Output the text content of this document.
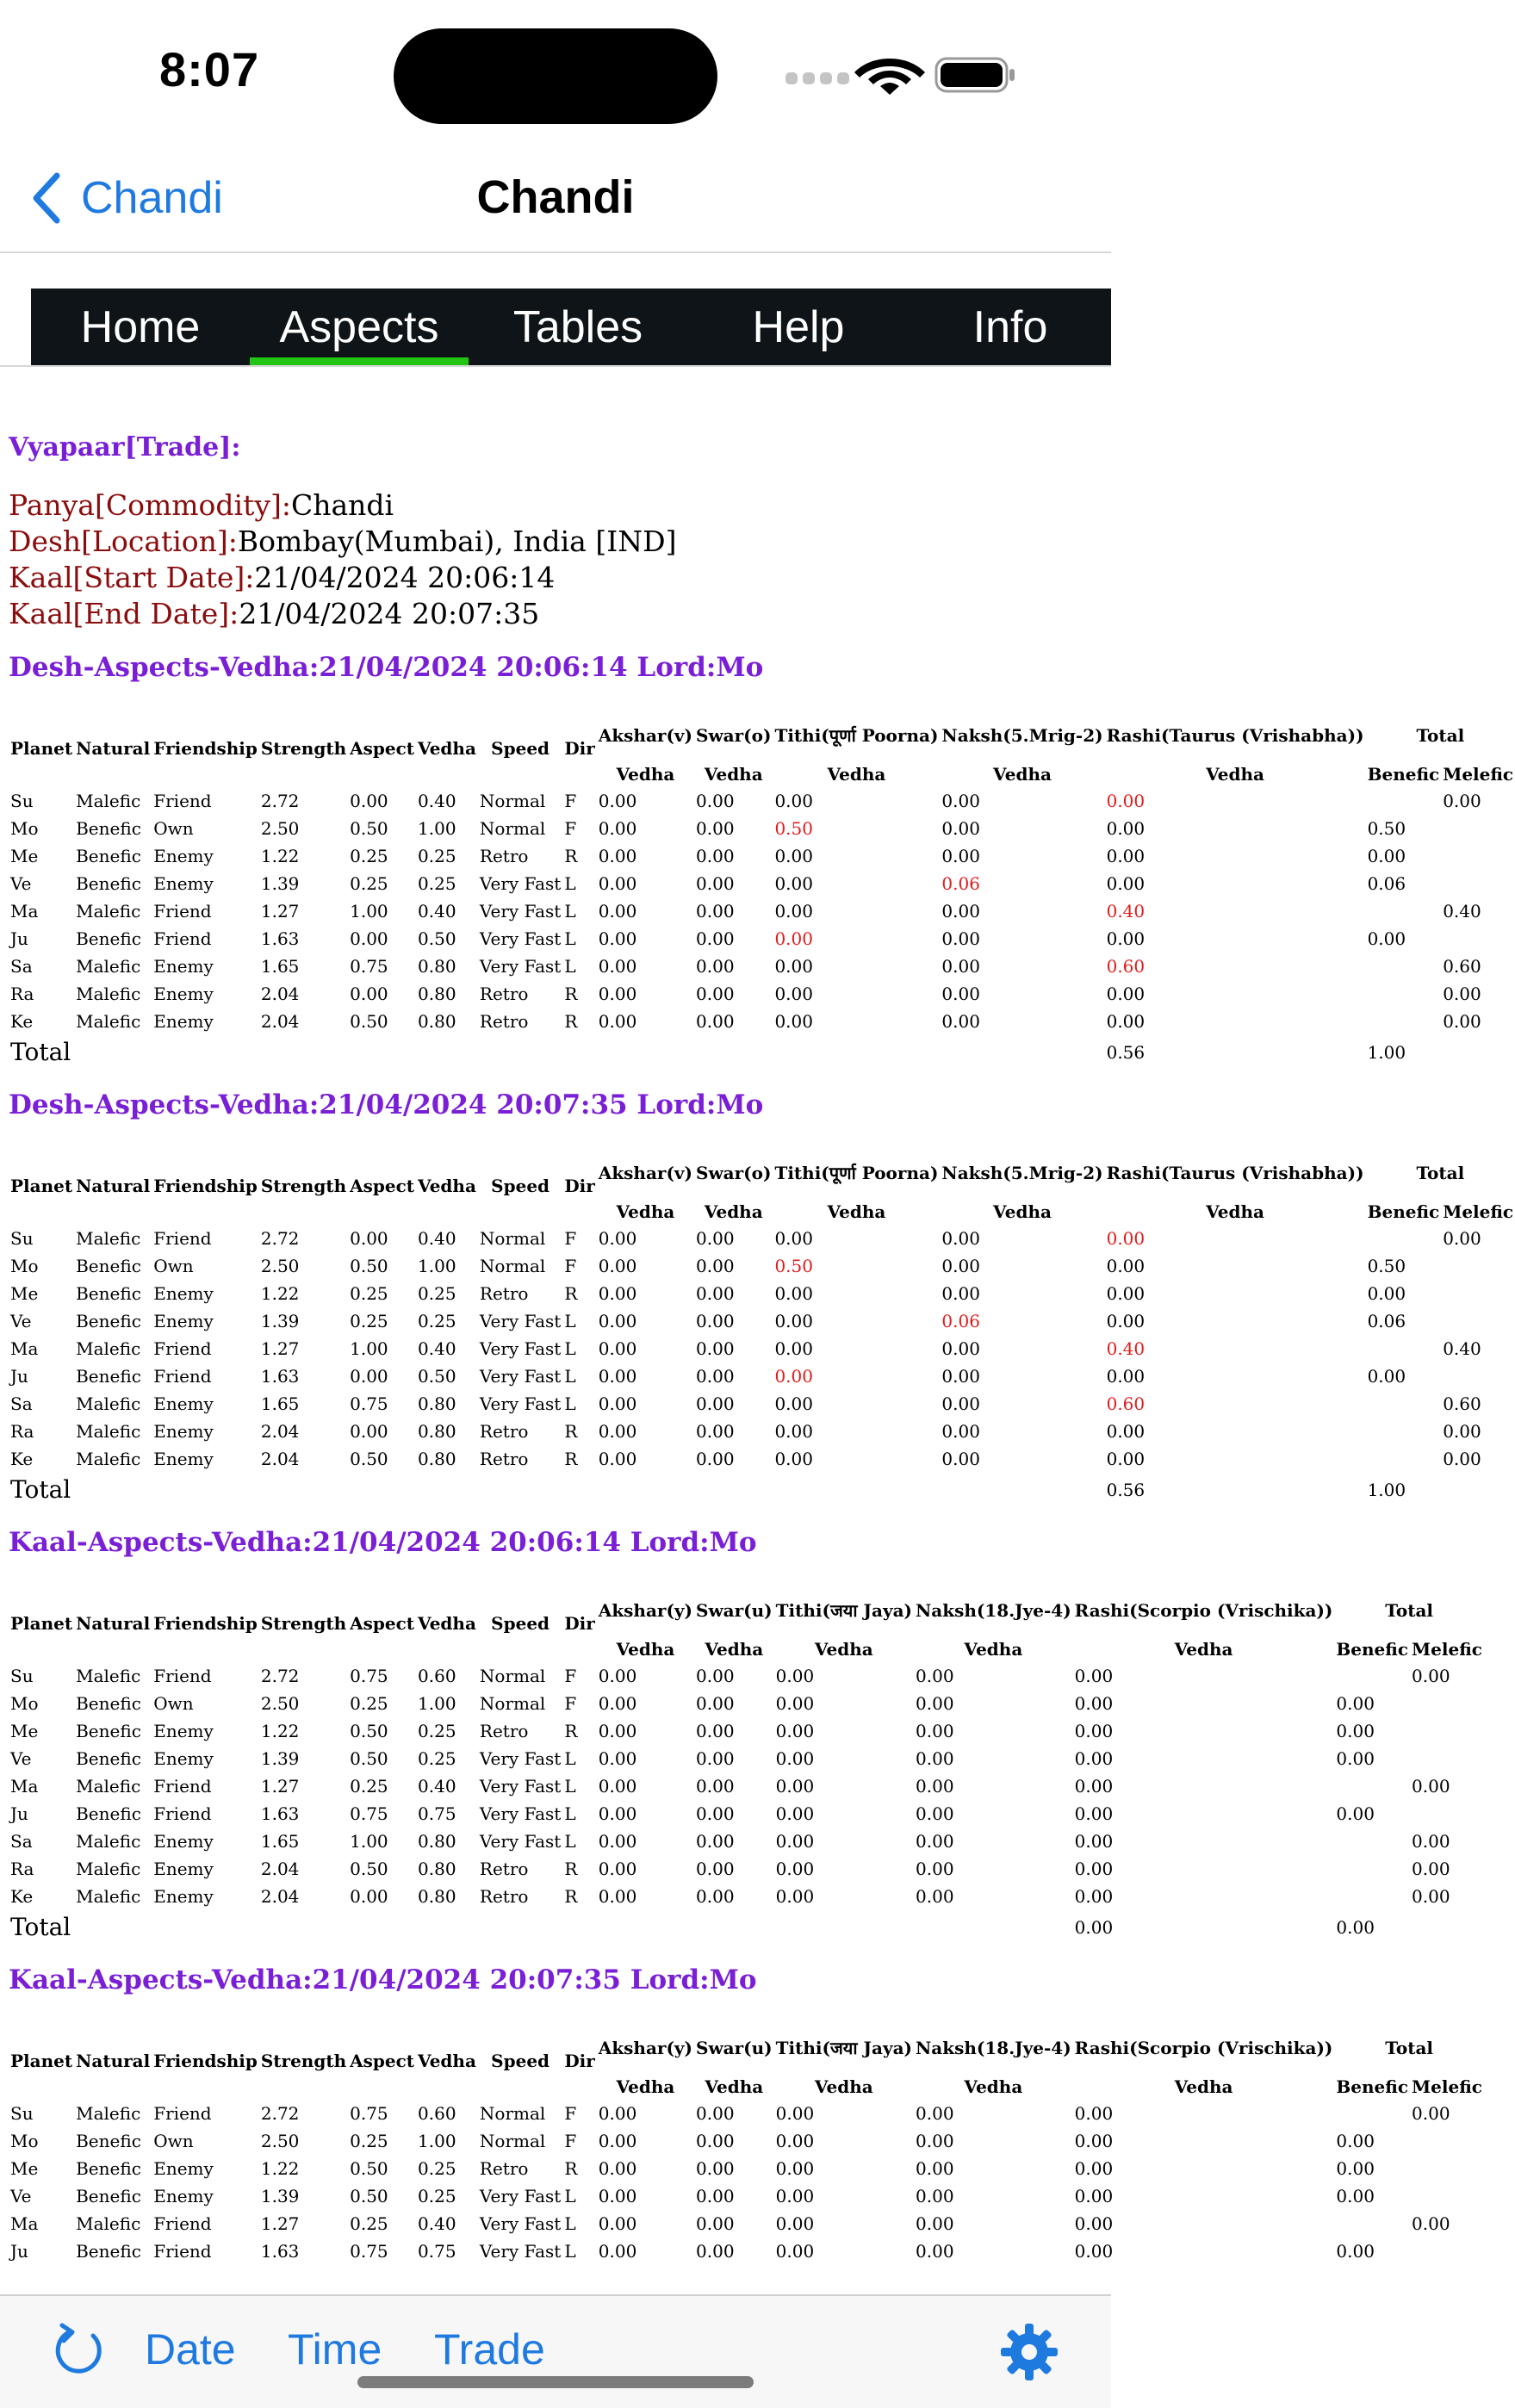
8:07
Chandi	Chandi
Home	Aspects	Tables	Help	Info
Vyapaar[Trade]:
Panya[Commodity]:Chandi
Desh[Location]:Bombay(Mumbai), India [IND]
Kaal[Start Date]:21/04/2024 20:06:14
Kaal[End Date]:21/04/2024 20:07:35
Desh-Aspects-Vedha:21/04/2024 20:06:14 Lord:Mo
Planet	Natural	Friendship	Strength	Aspect	Vedha	Speed	Dir	Akshar(v)	Swar(o)	Tithi(पूर्णा Poorna)	Naksh(5.Mrig-2)	Rashi(Taurus (Vrishabha))	Total	
								Vedha	Vedha	Vedha	Vedha	Vedha	Benefic	Melefic
Su	Malefic	Friend	2.72	0.00	0.40	Normal	F	0.00	0.00	0.00	0.00	0.00		0.00
Mo	Benefic	Own	2.50	0.50	1.00	Normal	F	0.00	0.00	0.50	0.00	0.00	0.50	
Me	Benefic	Enemy	1.22	0.25	0.25	Retro	R	0.00	0.00	0.00	0.00	0.00	0.00	
Ve	Benefic	Enemy	1.39	0.25	0.25	Very Fast	L	0.00	0.00	0.00	0.06	0.00	0.06	
Ma	Malefic	Friend	1.27	1.00	0.40	Very Fast	L	0.00	0.00	0.00	0.00	0.40		0.40
Ju	Benefic	Friend	1.63	0.00	0.50	Very Fast	L	0.00	0.00	0.00	0.00	0.00	0.00	
Sa	Malefic	Enemy	1.65	0.75	0.80	Very Fast	L	0.00	0.00	0.00	0.00	0.60		0.60
Ra	Malefic	Enemy	2.04	0.00	0.80	Retro	R	0.00	0.00	0.00	0.00	0.00		0.00
Ke	Malefic	Enemy	2.04	0.50	0.80	Retro	R	0.00	0.00	0.00	0.00	0.00		0.00
Total												0.56	1.00	
Desh-Aspects-Vedha:21/04/2024 20:07:35 Lord:Mo
Planet	Natural	Friendship	Strength	Aspect	Vedha	Speed	Dir	Akshar(v)	Swar(o)	Tithi(पूर्णा Poorna)	Naksh(5.Mrig-2)	Rashi(Taurus (Vrishabha))	Total	
								Vedha	Vedha	Vedha	Vedha	Vedha	Benefic	Melefic
Su	Malefic	Friend	2.72	0.00	0.40	Normal	F	0.00	0.00	0.00	0.00	0.00		0.00
Mo	Benefic	Own	2.50	0.50	1.00	Normal	F	0.00	0.00	0.50	0.00	0.00	0.50	
Me	Benefic	Enemy	1.22	0.25	0.25	Retro	R	0.00	0.00	0.00	0.00	0.00	0.00	
Ve	Benefic	Enemy	1.39	0.25	0.25	Very Fast	L	0.00	0.00	0.00	0.06	0.00	0.06	
Ma	Malefic	Friend	1.27	1.00	0.40	Very Fast	L	0.00	0.00	0.00	0.00	0.40		0.40
Ju	Benefic	Friend	1.63	0.00	0.50	Very Fast	L	0.00	0.00	0.00	0.00	0.00	0.00	
Sa	Malefic	Enemy	1.65	0.75	0.80	Very Fast	L	0.00	0.00	0.00	0.00	0.60		0.60
Ra	Malefic	Enemy	2.04	0.00	0.80	Retro	R	0.00	0.00	0.00	0.00	0.00		0.00
Ke	Malefic	Enemy	2.04	0.50	0.80	Retro	R	0.00	0.00	0.00	0.00	0.00		0.00
Total												0.56	1.00	
Kaal-Aspects-Vedha:21/04/2024 20:06:14 Lord:Mo
Planet	Natural	Friendship	Strength	Aspect	Vedha	Speed	Dir	Akshar(y)	Swar(u)	Tithi(जया Jaya)	Naksh(18.Jye-4)	Rashi(Scorpio (Vrischika))	Total	
								Vedha	Vedha	Vedha	Vedha	Vedha	Benefic	Melefic
Su	Malefic	Friend	2.72	0.75	0.60	Normal	F	0.00	0.00	0.00	0.00	0.00		0.00
Mo	Benefic	Own	2.50	0.25	1.00	Normal	F	0.00	0.00	0.00	0.00	0.00	0.00	
Me	Benefic	Enemy	1.22	0.50	0.25	Retro	R	0.00	0.00	0.00	0.00	0.00	0.00	
Ve	Benefic	Enemy	1.39	0.50	0.25	Very Fast	L	0.00	0.00	0.00	0.00	0.00	0.00	
Ma	Malefic	Friend	1.27	0.25	0.40	Very Fast	L	0.00	0.00	0.00	0.00	0.00		0.00
Ju	Benefic	Friend	1.63	0.75	0.75	Very Fast	L	0.00	0.00	0.00	0.00	0.00	0.00	
Sa	Malefic	Enemy	1.65	1.00	0.80	Very Fast	L	0.00	0.00	0.00	0.00	0.00		0.00
Ra	Malefic	Enemy	2.04	0.50	0.80	Retro	R	0.00	0.00	0.00	0.00	0.00		0.00
Ke	Malefic	Enemy	2.04	0.00	0.80	Retro	R	0.00	0.00	0.00	0.00	0.00		0.00
Total												0.00	0.00	
Kaal-Aspects-Vedha:21/04/2024 20:07:35 Lord:Mo
Planet	Natural	Friendship	Strength	Aspect	Vedha	Speed	Dir	Akshar(y)	Swar(u)	Tithi(जया Jaya)	Naksh(18.Jye-4)	Rashi(Scorpio (Vrischika))	Total	
								Vedha	Vedha	Vedha	Vedha	Vedha	Benefic	Melefic
Su	Malefic	Friend	2.72	0.75	0.60	Normal	F	0.00	0.00	0.00	0.00	0.00		0.00
Mo	Benefic	Own	2.50	0.25	1.00	Normal	F	0.00	0.00	0.00	0.00	0.00	0.00	
Me	Benefic	Enemy	1.22	0.50	0.25	Retro	R	0.00	0.00	0.00	0.00	0.00	0.00	
Ve	Benefic	Enemy	1.39	0.50	0.25	Very Fast	L	0.00	0.00	0.00	0.00	0.00	0.00	
Ma	Malefic	Friend	1.27	0.25	0.40	Very Fast	L	0.00	0.00	0.00	0.00	0.00		0.00
Ju	Benefic	Friend	1.63	0.75	0.75	Very Fast	L	0.00	0.00	0.00	0.00	0.00	0.00	
Date Time Trade
